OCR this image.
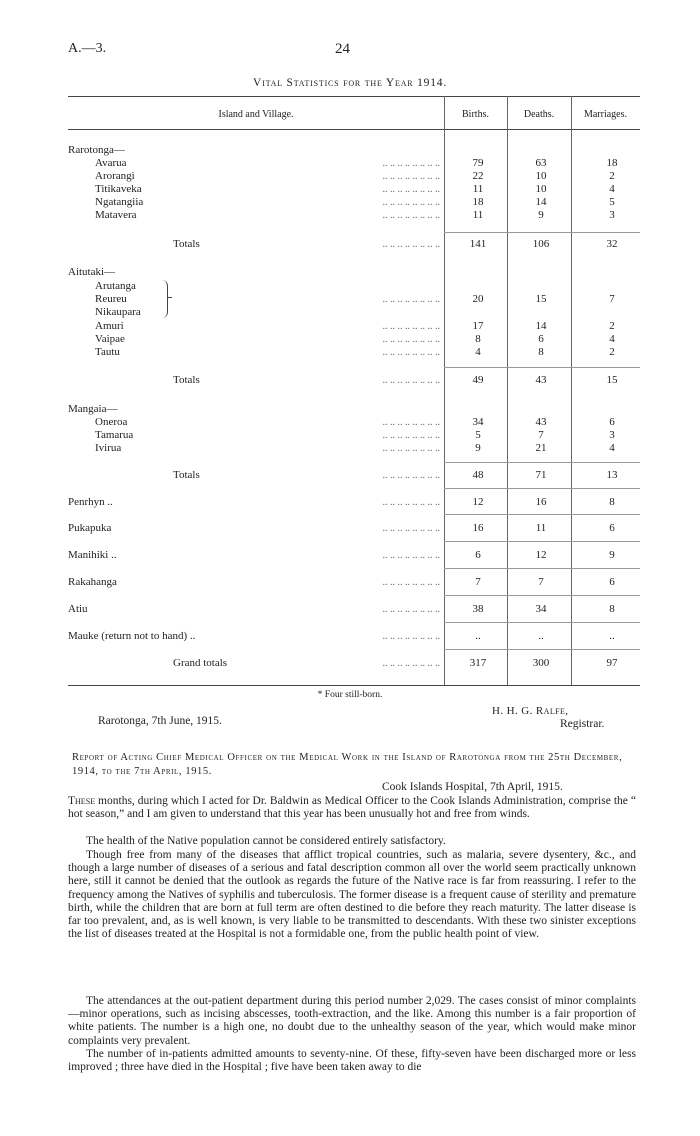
A.—3.	24
Vital Statistics for the Year 1914.
Island and Village.	Births.	Deaths.	Marriages.
Rarotonga—
Avarua	.. .. .. .. .. .. .. ..	79	63	18
Arorangi	.. .. .. .. .. .. .. ..	22	10	2
Titikaveka	.. .. .. .. .. .. .. ..	11	10	4
Ngatangiia	.. .. .. .. .. .. .. ..	18	14	5
Matavera	.. .. .. .. .. .. .. ..	11	9	3
Totals	.. .. .. .. .. .. .. ..	141	106	32
Aitutaki—
Arutanga
Reureu	.. .. .. .. .. .. .. ..	20	15	7
Nikaupara
Amuri	.. .. .. .. .. .. .. ..	17	14	2
Vaipae	.. .. .. .. .. .. .. ..	8	6	4
Tautu	.. .. .. .. .. .. .. ..	4	8	2
Totals	.. .. .. .. .. .. .. ..	49	43	15
Mangaia—
Oneroa	.. .. .. .. .. .. .. ..	34	43	6
Tamarua	.. .. .. .. .. .. .. ..	5	7	3
Ivirua	.. .. .. .. .. .. .. ..	9	21	4
Totals	.. .. .. .. .. .. .. ..	48	71	13
Penrhyn ..	.. .. .. .. .. .. .. ..	12	16	8
Pukapuka	.. .. .. .. .. .. .. ..	16	11	6
Manihiki ..	.. .. .. .. .. .. .. ..	6	12	9
Rakahanga	.. .. .. .. .. .. .. ..	7	7	6
Atiu	.. .. .. .. .. .. .. ..	38	34	8
Mauke (return not to hand) ..	.. .. .. .. .. .. .. ..	..	..	..
Grand totals	.. .. .. .. .. .. .. ..	317	300	97
* Four still-born.
Rarotonga, 7th June, 1915.
H. H. G. Ralfe,
Registrar.
Report of Acting Chief Medical Officer on the Medical Work in the Island of Rarotonga from the 25th December, 1914, to the 7th April, 1915.
Cook Islands Hospital, 7th April, 1915.
These months, during which I acted for Dr. Baldwin as Medical Officer to the Cook Islands Administration, comprise the “ hot season,” and I am given to understand that this year has been unusually hot and free from winds.
The health of the Native population cannot be considered entirely satisfactory.
Though free from many of the diseases that afflict tropical countries, such as malaria, severe dysentery, &c., and though a large number of diseases of a serious and fatal description common all over the world seem practically unknown here, still it cannot be denied that the outlook as regards the future of the Native race is far from reassuring. I refer to the frequency among the Natives of syphilis and tuberculosis. The former disease is a frequent cause of sterility and premature birth, while the children that are born at full term are often destined to die before they reach maturity. The latter disease is far too prevalent, and, as is well known, is very liable to be transmitted to descendants. With these two sinister exceptions the list of diseases treated at the Hospital is not a formidable one, from the public health point of view.
The attendances at the out-patient department during this period number 2,029. The cases consist of minor complaints—minor operations, such as incising abscesses, tooth-extraction, and the like. Among this number is a fair proportion of white patients. The number is a high one, no doubt due to the unhealthy season of the year, which would make minor complaints very prevalent.
The number of in-patients admitted amounts to seventy-nine. Of these, fifty-seven have been discharged more or less improved ; three have died in the Hospital ; five have been taken away to die
